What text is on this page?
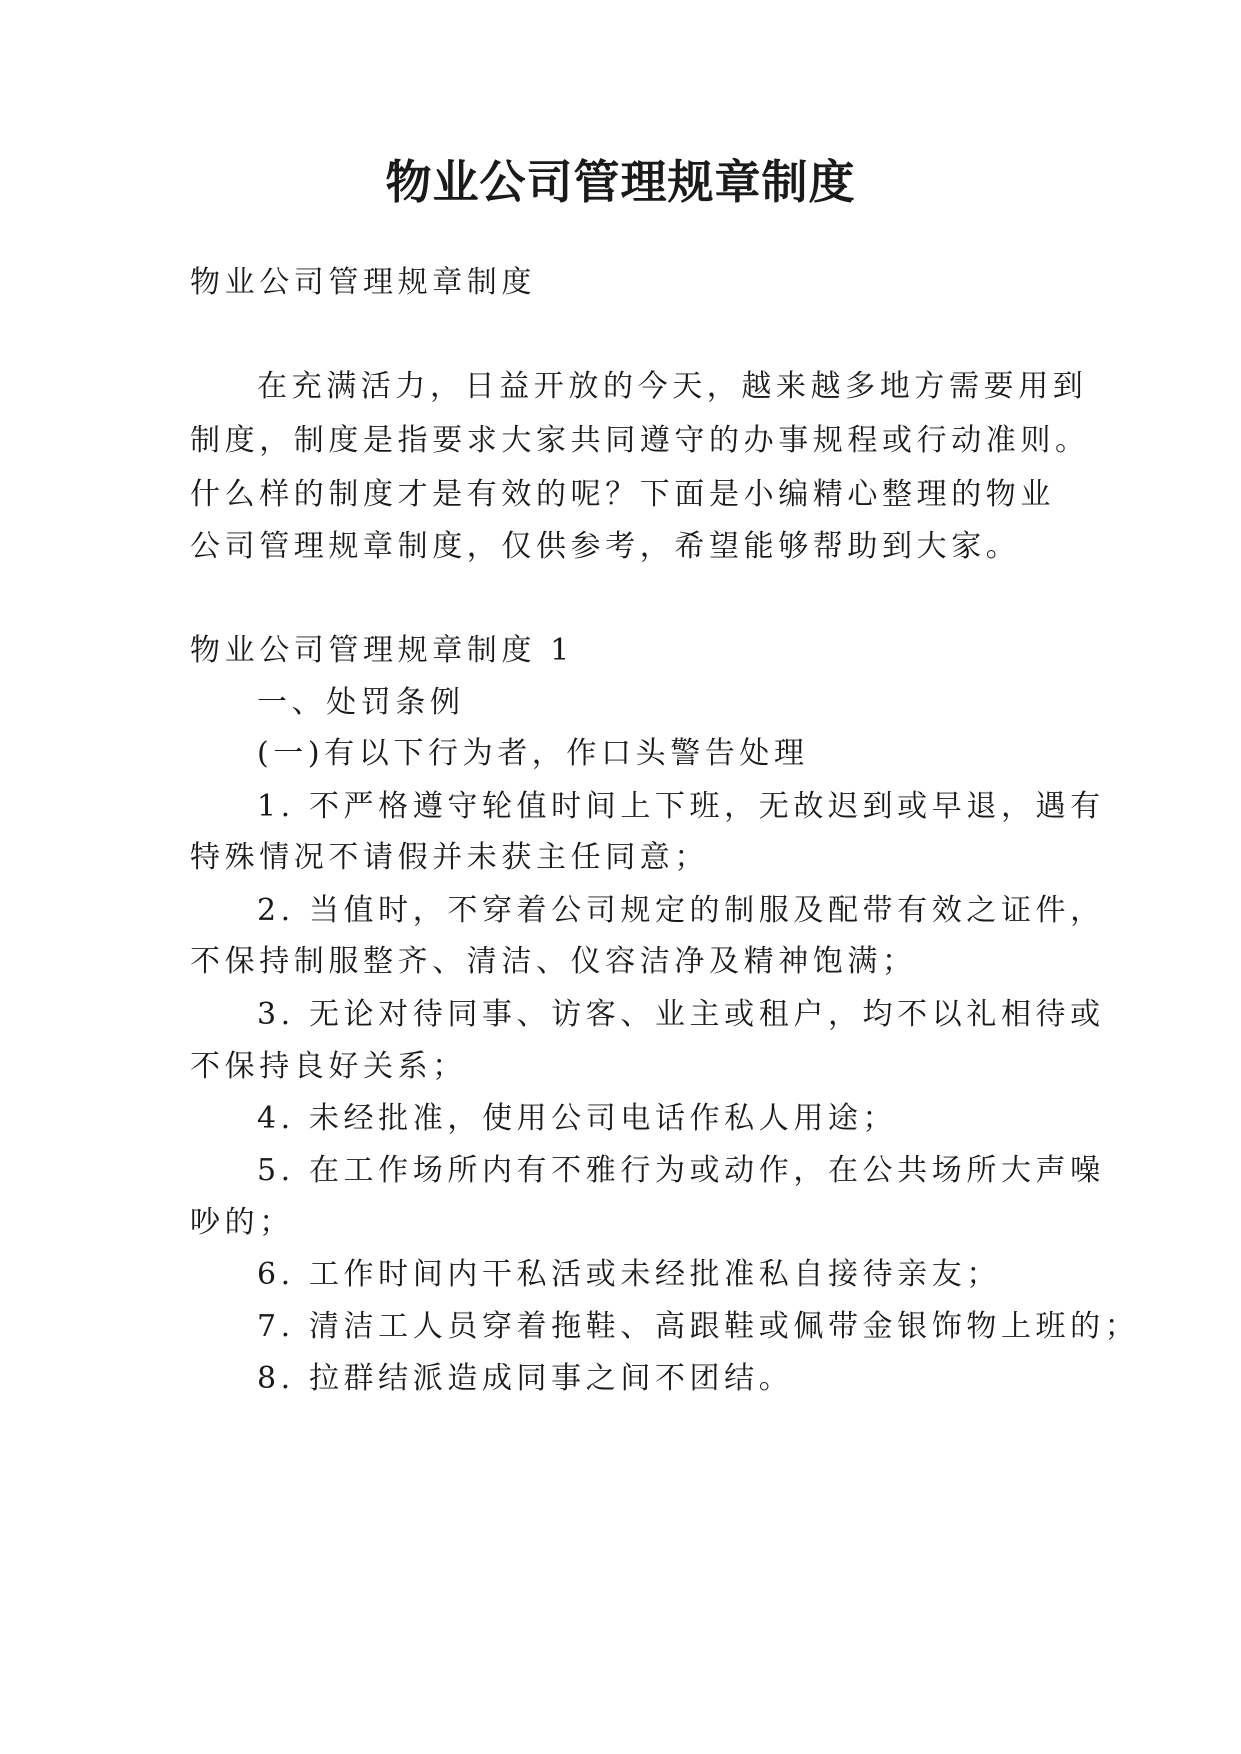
物业公司管理规章制度

物业公司管理规章制度

在充满活力，日益开放的今天，越来越多地方需要用到

制度，制度是指要求大家共同遵守的办事规程或行动准则。

什么样的制度才是有效的呢？下面是小编精心整理的物业

公司管理规章制度，仅供参考，希望能够帮助到大家。

物业公司管理规章制度 1

一、处罚条例

(一)有以下行为者，作口头警告处理

1. 不严格遵守轮值时间上下班，无故迟到或早退，遇有

特殊情况不请假并未获主任同意；

2. 当值时，不穿着公司规定的制服及配带有效之证件，

不保持制服整齐、清洁、仪容洁净及精神饱满；

3. 无论对待同事、访客、业主或租户，均不以礼相待或

不保持良好关系；

4. 未经批准，使用公司电话作私人用途；

5. 在工作场所内有不雅行为或动作，在公共场所大声噪

吵的；

6. 工作时间内干私活或未经批准私自接待亲友；

7. 清洁工人员穿着拖鞋、高跟鞋或佩带金银饰物上班的；

8. 拉群结派造成同事之间不团结。
